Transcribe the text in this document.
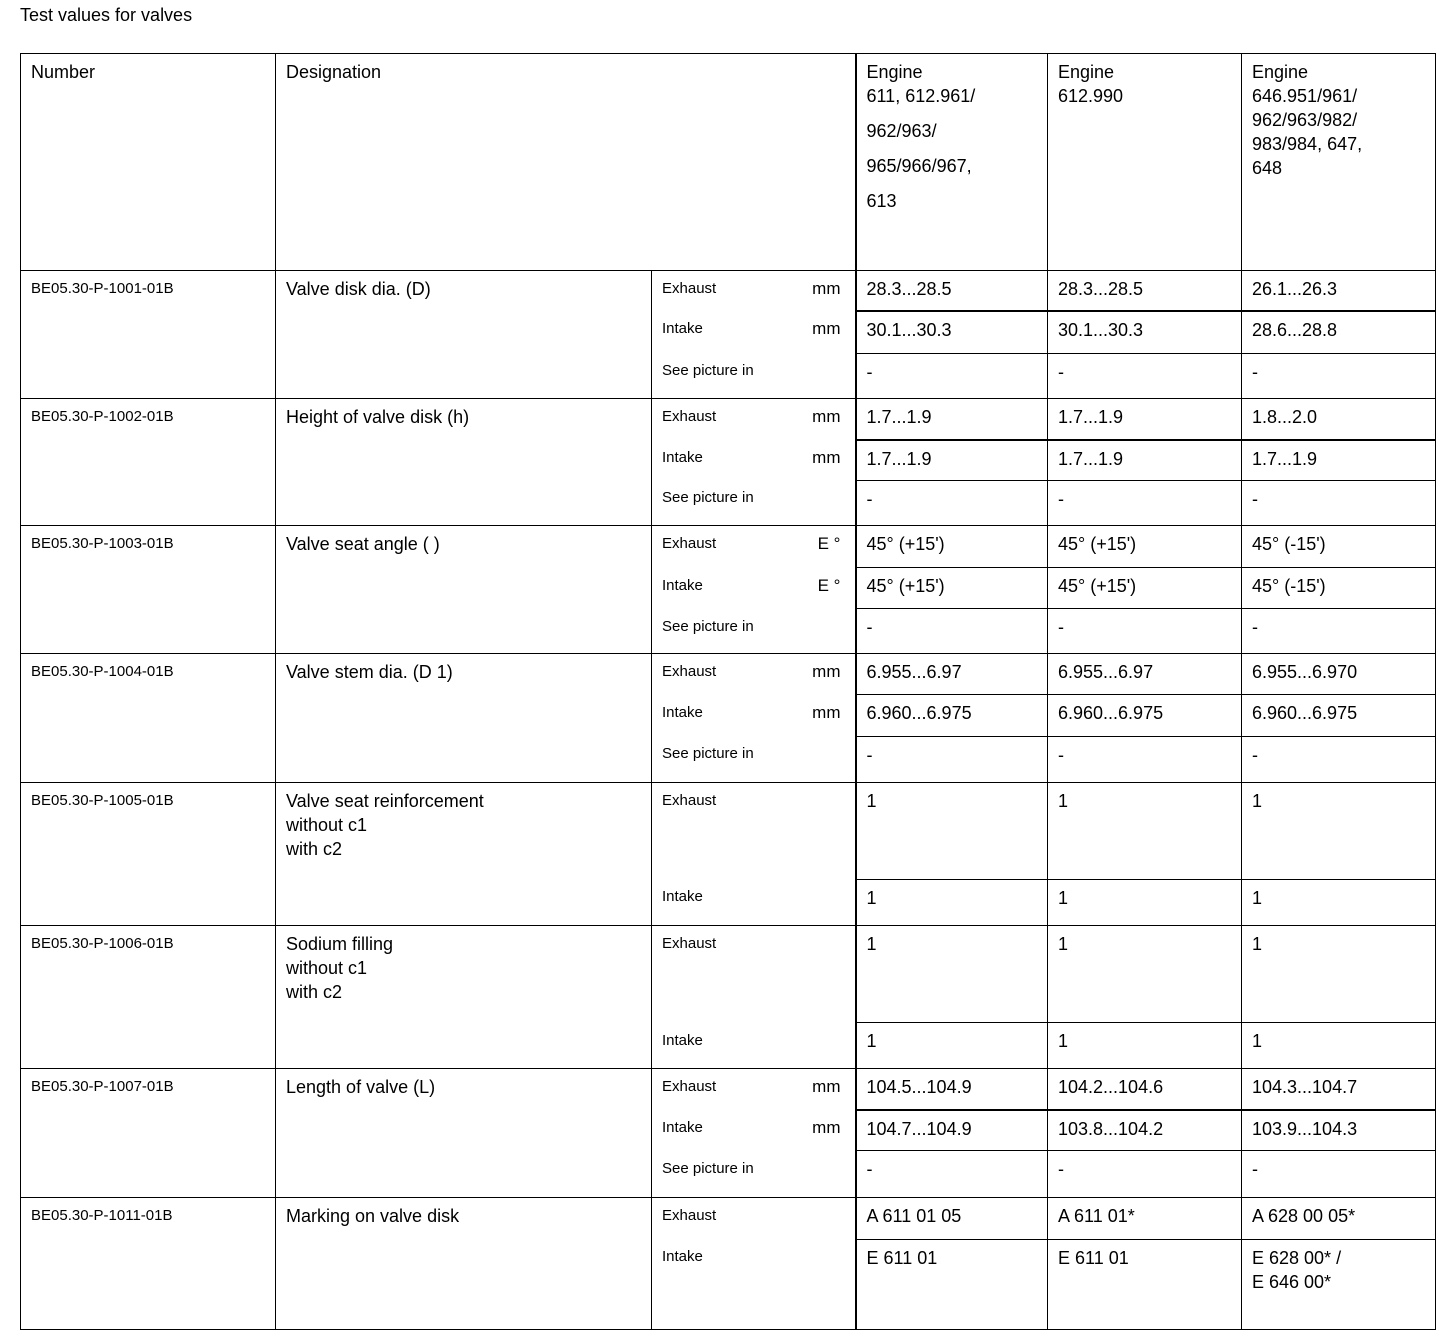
Test values for valves
Number	Designation			Engine
611, 612.961/
962/963/
965/966/967,
613	Engine
612.990	Engine
646.951/961/
962/963/982/
983/984, 647,
648

BE05.30-P-1001-01B	Valve disk dia. (D)	Exhaust	mm	28.3...28.5	28.3...28.5	26.1...26.3
		Intake	mm	30.1...30.3	30.1...30.3	28.6...28.8
		See picture in		-	-	-
BE05.30-P-1002-01B	Height of valve disk (h)	Exhaust	mm	1.7...1.9	1.7...1.9	1.8...2.0
		Intake	mm	1.7...1.9	1.7...1.9	1.7...1.9
		See picture in		-	-	-
BE05.30-P-1003-01B	Valve seat angle ( )	Exhaust	E °	45° (+15')	45° (+15')	45° (-15')
		Intake	E °	45° (+15')	45° (+15')	45° (-15')
		See picture in		-	-	-
BE05.30-P-1004-01B	Valve stem dia. (D 1)	Exhaust	mm	6.955...6.97	6.955...6.97	6.955...6.970
		Intake	mm	6.960...6.975	6.960...6.975	6.960...6.975
		See picture in		-	-	-
BE05.30-P-1005-01B	Valve seat reinforcement
without c1
with c2	Exhaust		1	1	1
		Intake		1	1	1
BE05.30-P-1006-01B	Sodium filling
without c1
with c2	Exhaust		1	1	1
		Intake		1	1	1
BE05.30-P-1007-01B	Length of valve (L)	Exhaust	mm	104.5...104.9	104.2...104.6	104.3...104.7
		Intake	mm	104.7...104.9	103.8...104.2	103.9...104.3
		See picture in		-	-	-
BE05.30-P-1011-01B	Marking on valve disk	Exhaust		A 611 01 05	A 611 01*	A 628 00 05*
		Intake		E 611 01	E 611 01	E 628 00* /
E 646 00*
